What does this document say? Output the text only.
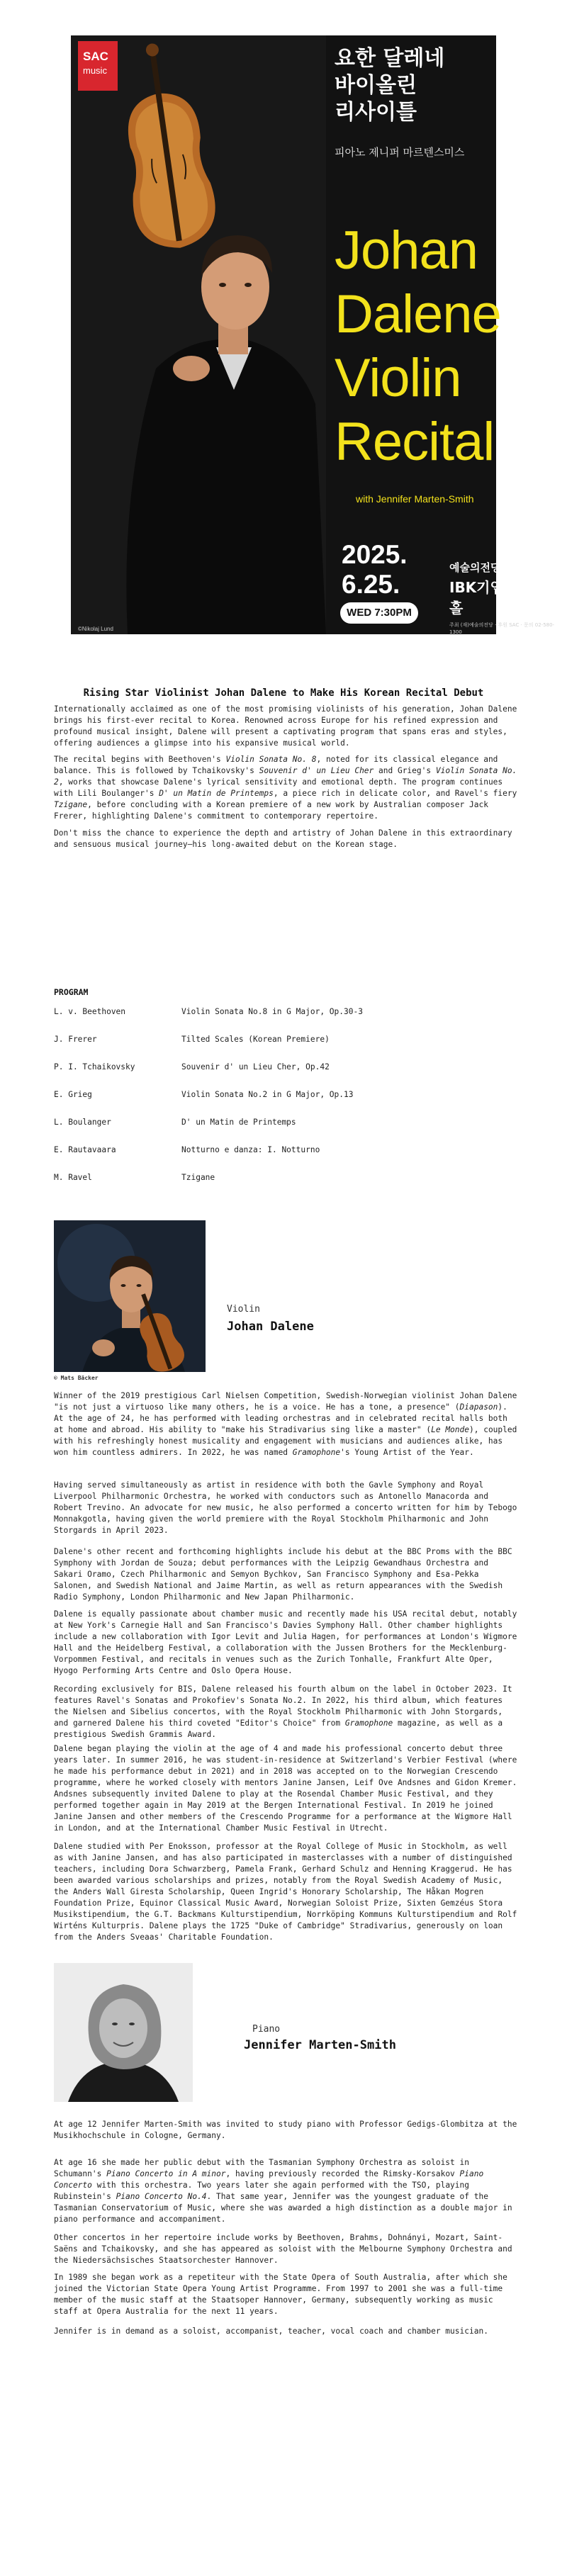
SAC
music	요한 달레네
바이올린
리사이틀
피아노 제니퍼 마르텐스미스
Johan
Dalene
Violin
Recital
with Jennifer Marten-Smith
2025.
6.25.
WED 7:30PM
예술의전당
IBK기업은행챔버홀
주최 (재)예술의전당 · 후원 SAC · 문의 02-580-1300
©Nikolaj Lund
Rising Star Violinist Johan Dalene to Make His Korean Recital Debut

Internationally acclaimed as one of the most promising violinists of his generation, Johan Dalene brings his first-ever recital to Korea. Renowned across Europe for his refined expression and profound musical insight, Dalene will present a captivating program that spans eras and styles, offering audiences a glimpse into his expansive musical world.

The recital begins with Beethoven's Violin Sonata No. 8, noted for its classical elegance and balance. This is followed by Tchaikovsky's Souvenir d' un Lieu Cher and Grieg's Violin Sonata No. 2, works that showcase Dalene's lyrical sensitivity and emotional depth. The program continues with Lili Boulanger's D' un Matin de Printemps, a piece rich in delicate color, and Ravel's fiery Tzigane, before concluding with a Korean premiere of a new work by Australian composer Jack Frerer, highlighting Dalene's commitment to contemporary repertoire.

Don't miss the chance to experience the depth and artistry of Johan Dalene in this extraordinary and sensuous musical journey—his long-awaited debut on the Korean stage.

PROGRAM
L. v. Beethoven	Violin Sonata No.8 in G Major, Op.30-3
J. Frerer	Tilted Scales (Korean Premiere)
P. I. Tchaikovsky	Souvenir d' un Lieu Cher, Op.42
E. Grieg	Violin Sonata No.2 in G Major, Op.13
L. Boulanger	D' un Matin de Printemps
E. Rautavaara	Notturno e danza: I. Notturno
M. Ravel	Tzigane
© Mats Bäcker
Violin
Johan Dalene

Winner of the 2019 prestigious Carl Nielsen Competition, Swedish-Norwegian violinist Johan Dalene "is not just a virtuoso like many others, he is a voice. He has a tone, a presence" (Diapason). At the age of 24, he has performed with leading orchestras and in celebrated recital halls both at home and abroad. His ability to "make his Stradivarius sing like a master" (Le Monde), coupled with his refreshingly honest musicality and engagement with musicians and audiences alike, has won him countless admirers. In 2022, he was named Gramophone's Young Artist of the Year.

Having served simultaneously as artist in residence with both the Gavle Symphony and Royal Liverpool Philharmonic Orchestra, he worked with conductors such as Antonello Manacorda and Robert Trevino. An advocate for new music, he also performed a concerto written for him by Tebogo Monnakgotla, having given the world premiere with the Royal Stockholm Philharmonic and John Storgards in April 2023.

Dalene's other recent and forthcoming highlights include his debut at the BBC Proms with the BBC Symphony with Jordan de Souza; debut performances with the Leipzig Gewandhaus Orchestra and Sakari Oramo, Czech Philharmonic and Semyon Bychkov, San Francisco Symphony and Esa-Pekka Salonen, and Swedish National and Jaime Martin, as well as return appearances with the Swedish Radio Symphony, London Philharmonic and New Japan Philharmonic.

Dalene is equally passionate about chamber music and recently made his USA recital debut, notably at New York's Carnegie Hall and San Francisco's Davies Symphony Hall. Other chamber highlights include a new collaboration with Igor Levit and Julia Hagen, for performances at London's Wigmore Hall and the Heidelberg Festival, a collaboration with the Jussen Brothers for the Mecklenburg-Vorpommen Festival, and recitals in venues such as the Zurich Tonhalle, Frankfurt Alte Oper, Hyogo Performing Arts Centre and Oslo Opera House.

Recording exclusively for BIS, Dalene released his fourth album on the label in October 2023. It features Ravel's Sonatas and Prokofiev's Sonata No.2. In 2022, his third album, which features the Nielsen and Sibelius concertos, with the Royal Stockholm Philharmonic with John Storgards, and garnered Dalene his third coveted "Editor's Choice" from Gramophone magazine, as well as a prestigious Swedish Grammis Award.

Dalene began playing the violin at the age of 4 and made his professional concerto debut three years later. In summer 2016, he was student-in-residence at Switzerland's Verbier Festival (where he made his performance debut in 2021) and in 2018 was accepted on to the Norwegian Crescendo programme, where he worked closely with mentors Janine Jansen, Leif Ove Andsnes and Gidon Kremer. Andsnes subsequently invited Dalene to play at the Rosendal Chamber Music Festival, and they performed together again in May 2019 at the Bergen International Festival. In 2019 he joined Janine Jansen and other members of the Crescendo Programme for a performance at the Wigmore Hall in London, and at the International Chamber Music Festival in Utrecht.

Dalene studied with Per Enoksson, professor at the Royal College of Music in Stockholm, as well as with Janine Jansen, and has also participated in masterclasses with a number of distinguished teachers, including Dora Schwarzberg, Pamela Frank, Gerhard Schulz and Henning Kraggerud. He has been awarded various scholarships and prizes, notably from the Royal Swedish Academy of Music, the Anders Wall Giresta Scholarship, Queen Ingrid's Honorary Scholarship, The Håkan Mogren Foundation Prize, Equinor Classical Music Award, Norwegian Soloist Prize, Sixten Gemzéus Stora Musikstipendium, the G.T. Backmans Kulturstipendium, Norrköping Kommuns Kulturstipendium and Rolf Wirténs Kulturpris. Dalene plays the 1725 "Duke of Cambridge" Stradivarius, generously on loan from the Anders Sveaas' Charitable Foundation.

Piano
Jennifer Marten-Smith

At age 12 Jennifer Marten-Smith was invited to study piano with Professor Gedigs-Glombitza at the Musikhochschule in Cologne, Germany.

At age 16 she made her public debut with the Tasmanian Symphony Orchestra as soloist in Schumann's Piano Concerto in A minor, having previously recorded the Rimsky-Korsakov Piano Concerto with this orchestra. Two years later she again performed with the TSO, playing Rubinstein's Piano Concerto No.4. That same year, Jennifer was the youngest graduate of the Tasmanian Conservatorium of Music, where she was awarded a high distinction as a double major in piano performance and accompaniment.

Other concertos in her repertoire include works by Beethoven, Brahms, Dohnányi, Mozart, Saint-Saëns and Tchaikovsky, and she has appeared as soloist with the Melbourne Symphony Orchestra and the Niedersächsisches Staatsorchester Hannover.

In 1989 she began work as a repetiteur with the State Opera of South Australia, after which she joined the Victorian State Opera Young Artist Programme. From 1997 to 2001 she was a full-time member of the music staff at the Staatsoper Hannover, Germany, subsequently working as music staff at Opera Australia for the next 11 years.

Jennifer is in demand as a soloist, accompanist, teacher, vocal coach and chamber musician.
